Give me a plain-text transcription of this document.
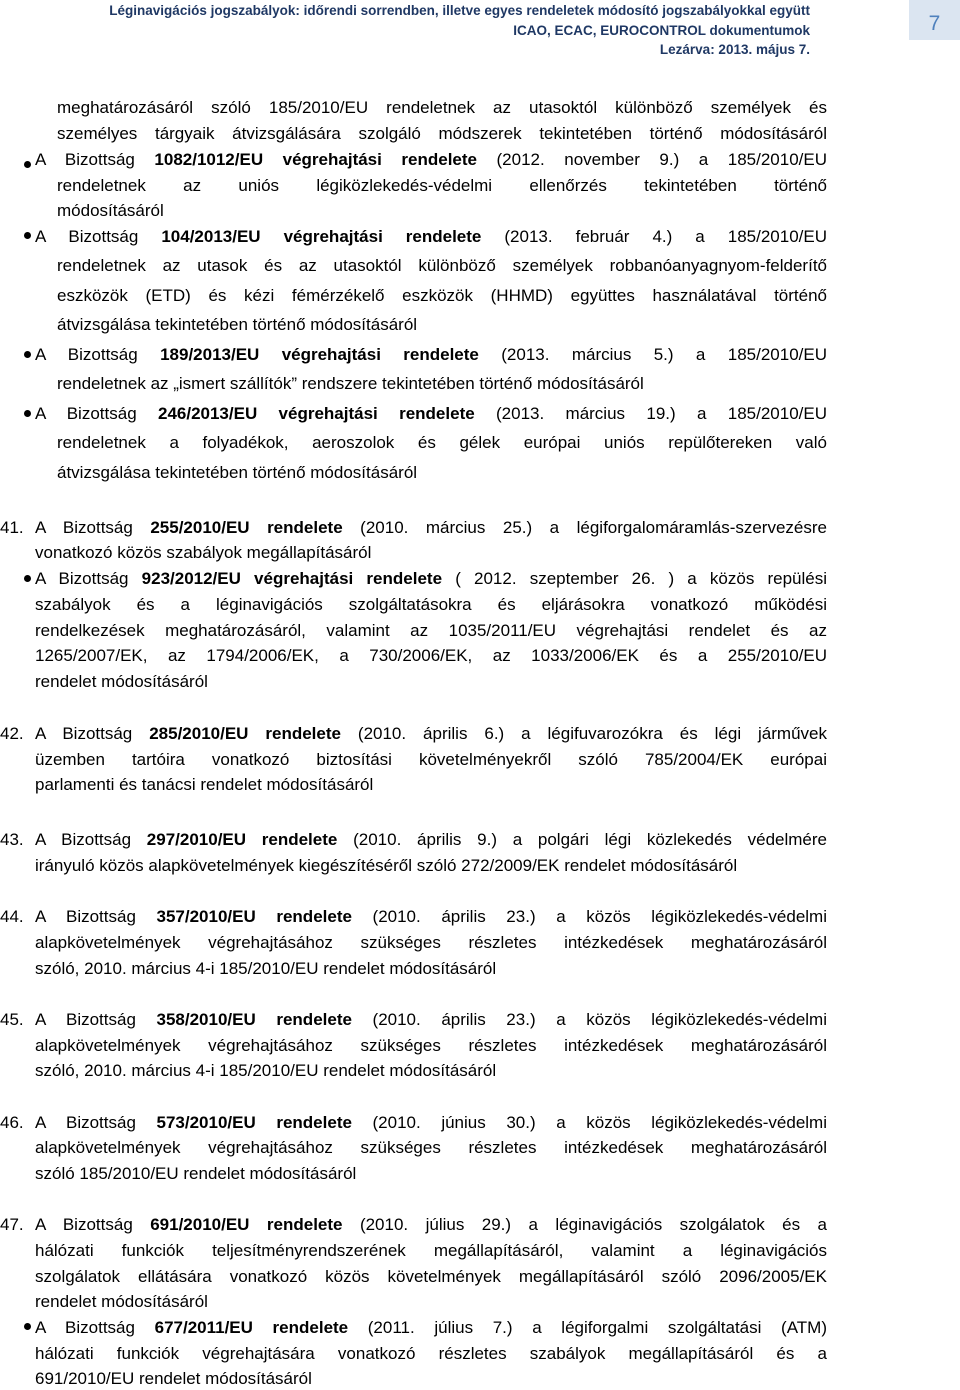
Léginavigációs jogszabályok: időrendi sorrendben, illetve egyes rendeletek módosító jogszabályokkal együtt
ICAO, ECAC, EUROCONTROL dokumentumok
Lezárva: 2013. május 7.
7
meghatározásáról szóló 185/2010/EU rendeletnek az utasoktól különböző személyek és
személyes tárgyaik átvizsgálására szolgáló módszerek tekintetében történő módosításáról
A Bizottság 1082/1012/EU végrehajtási rendelete (2012. november 9.) a 185/2010/EU
rendeletnek az uniós légiközlekedés-védelmi ellenőrzés tekintetében történő
módosításáról
A Bizottság 104/2013/EU végrehajtási rendelete (2013. február 4.) a 185/2010/EU
rendeletnek az utasok és az utasoktól különböző személyek robbanóanyagnyom-felderítő
eszközök (ETD) és kézi fémérzékelő eszközök (HHMD) együttes használatával történő
átvizsgálása tekintetében történő módosításáról
A Bizottság 189/2013/EU végrehajtási rendelete (2013. március 5.) a 185/2010/EU
rendeletnek az „ismert szállítók” rendszere tekintetében történő módosításáról
A Bizottság 246/2013/EU végrehajtási rendelete (2013. március 19.) a 185/2010/EU
rendeletnek a folyadékok, aeroszolok és gélek európai uniós repülőtereken való
átvizsgálása tekintetében történő módosításáról
41. A Bizottság 255/2010/EU rendelete (2010. március 25.) a légiforgalomáramlás-szervezésre
vonatkozó közös szabályok megállapításáról
A Bizottság 923/2012/EU végrehajtási rendelete ( 2012. szeptember 26. ) a közös repülési
szabályok és a léginavigációs szolgáltatásokra és eljárásokra vonatkozó működési
rendelkezések meghatározásáról, valamint az 1035/2011/EU végrehajtási rendelet és az
1265/2007/EK, az 1794/2006/EK, a 730/2006/EK, az 1033/2006/EK és a 255/2010/EU
rendelet módosításáról
42. A Bizottság 285/2010/EU rendelete (2010. április 6.) a légifuvarozókra és légi járművek
üzemben tartóira vonatkozó biztosítási követelményekről szóló 785/2004/EK európai
parlamenti és tanácsi rendelet módosításáról
43. A Bizottság 297/2010/EU rendelete (2010. április 9.) a polgári légi közlekedés védelmére
irányuló közös alapkövetelmények kiegészítéséről szóló 272/2009/EK rendelet módosításáról
44. A Bizottság 357/2010/EU rendelete (2010. április 23.) a közös légiközlekedés-védelmi
alapkövetelmények végrehajtásához szükséges részletes intézkedések meghatározásáról
szóló, 2010. március 4-i 185/2010/EU rendelet módosításáról
45. A Bizottság 358/2010/EU rendelete (2010. április 23.) a közös légiközlekedés-védelmi
alapkövetelmények végrehajtásához szükséges részletes intézkedések meghatározásáról
szóló, 2010. március 4-i 185/2010/EU rendelet módosításáról
46. A Bizottság 573/2010/EU rendelete (2010. június 30.) a közös légiközlekedés-védelmi
alapkövetelmények végrehajtásához szükséges részletes intézkedések meghatározásáról
szóló 185/2010/EU rendelet módosításáról
47. A Bizottság 691/2010/EU rendelete (2010. július 29.) a léginavigációs szolgálatok és a
hálózati funkciók teljesítményrendszerének megállapításáról, valamint a léginavigációs
szolgálatok ellátására vonatkozó közös követelmények megállapításáról szóló 2096/2005/EK
rendelet módosításáról
A Bizottság 677/2011/EU rendelete (2011. július 7.) a légiforgalmi szolgáltatási (ATM)
hálózati funkciók végrehajtására vonatkozó részletes szabályok megállapításáról és a
691/2010/EU rendelet módosításáról
